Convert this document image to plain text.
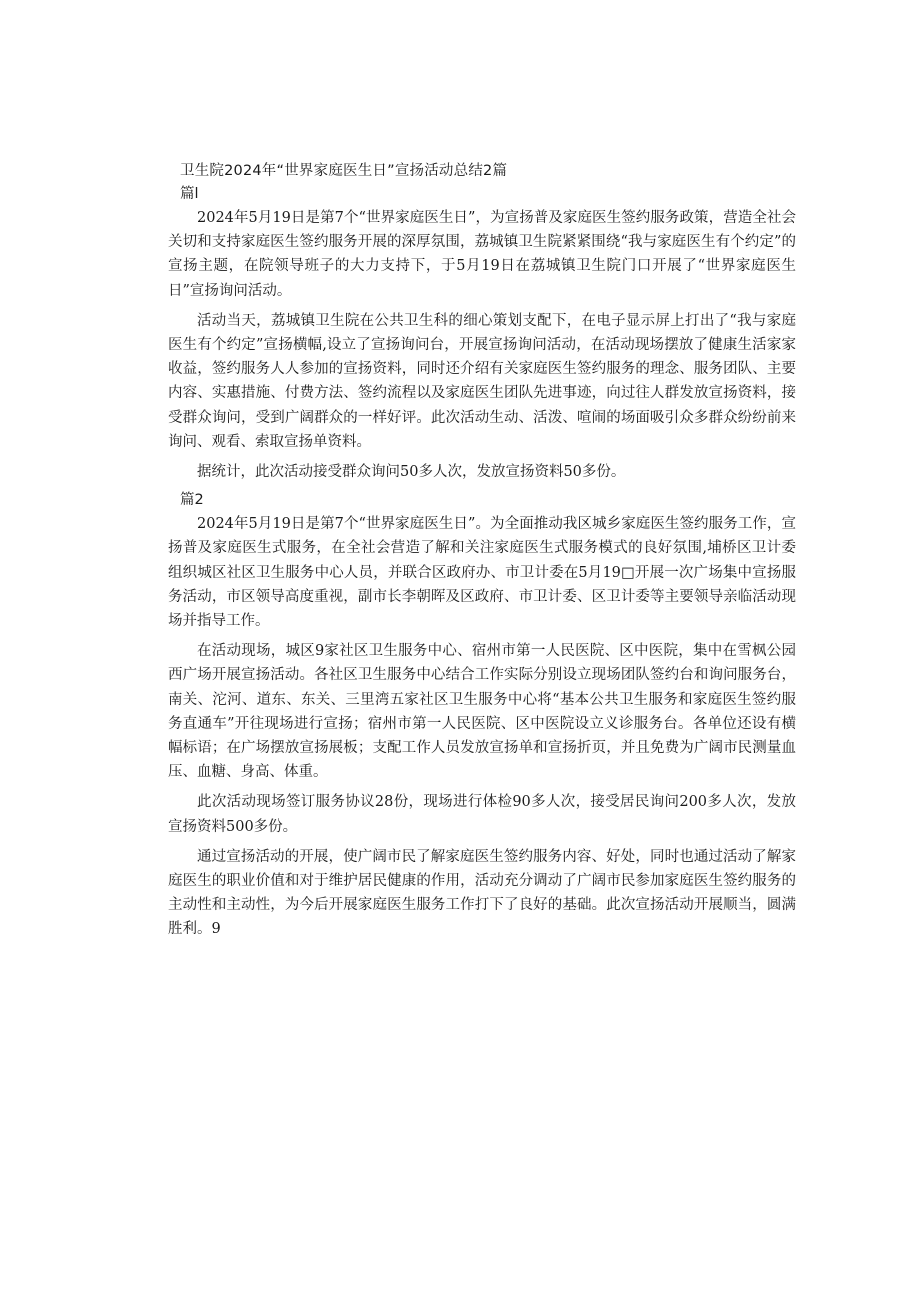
卫生院2024年“世界家庭医生日”宣扬活动总结2篇
篇l

2024年5月19日是第7个“世界家庭医生日”，为宣扬普及家庭医生签约服务政策，营造全社会关切和支持家庭医生签约服务开展的深厚氛围，荔城镇卫生院紧紧围绕“我与家庭医生有个约定”的宣扬主题，在院领导班子的大力支持下，于5月19日在荔城镇卫生院门口开展了“世界家庭医生日”宣扬询问活动。

活动当天，荔城镇卫生院在公共卫生科的细心策划支配下，在电子显示屏上打出了“我与家庭医生有个约定”宣扬横幅,设立了宣扬询问台，开展宣扬询问活动，在活动现场摆放了健康生活家家收益，签约服务人人参加的宣扬资料，同时还介绍有关家庭医生签约服务的理念、服务团队、主要内容、实惠措施、付费方法、签约流程以及家庭医生团队先进事迹，向过往人群发放宣扬资料，接受群众询问，受到广阔群众的一样好评。此次活动生动、活泼、喧闹的场面吸引众多群众纷纷前来询问、观看、索取宣扬单资料。

据统计，此次活动接受群众询问50多人次，发放宣扬资料50多份。

篇2

2024年5月19日是第7个“世界家庭医生日”。为全面推动我区城乡家庭医生签约服务工作，宣扬普及家庭医生式服务，在全社会营造了解和关注家庭医生式服务模式的良好氛围,埔桥区卫计委组织城区社区卫生服务中心人员，并联合区政府办、市卫计委在5月19□开展一次广场集中宣扬服务活动，市区领导高度重视，副市长李朝晖及区政府、市卫计委、区卫计委等主要领导亲临活动现场并指导工作。

在活动现场，城区9家社区卫生服务中心、宿州市第一人民医院、区中医院，集中在雪枫公园西广场开展宣扬活动。各社区卫生服务中心结合工作实际分别设立现场团队签约台和询问服务台，南关、沱河、道东、东关、三里湾五家社区卫生服务中心将“基本公共卫生服务和家庭医生签约服务直通车”开往现场进行宣扬；宿州市第一人民医院、区中医院设立义诊服务台。各单位还设有横幅标语；在广场摆放宣扬展板；支配工作人员发放宣扬单和宣扬折页，并且免费为广阔市民测量血压、血糖、身高、体重。

此次活动现场签订服务协议28份，现场进行体检90多人次，接受居民询问200多人次，发放宣扬资料500多份。

通过宣扬活动的开展，使广阔市民了解家庭医生签约服务内容、好处，同时也通过活动了解家庭医生的职业价值和对于维护居民健康的作用，活动充分调动了广阔市民参加家庭医生签约服务的主动性和主动性，为今后开展家庭医生服务工作打下了良好的基础。此次宣扬活动开展顺当，圆满胜利。9
